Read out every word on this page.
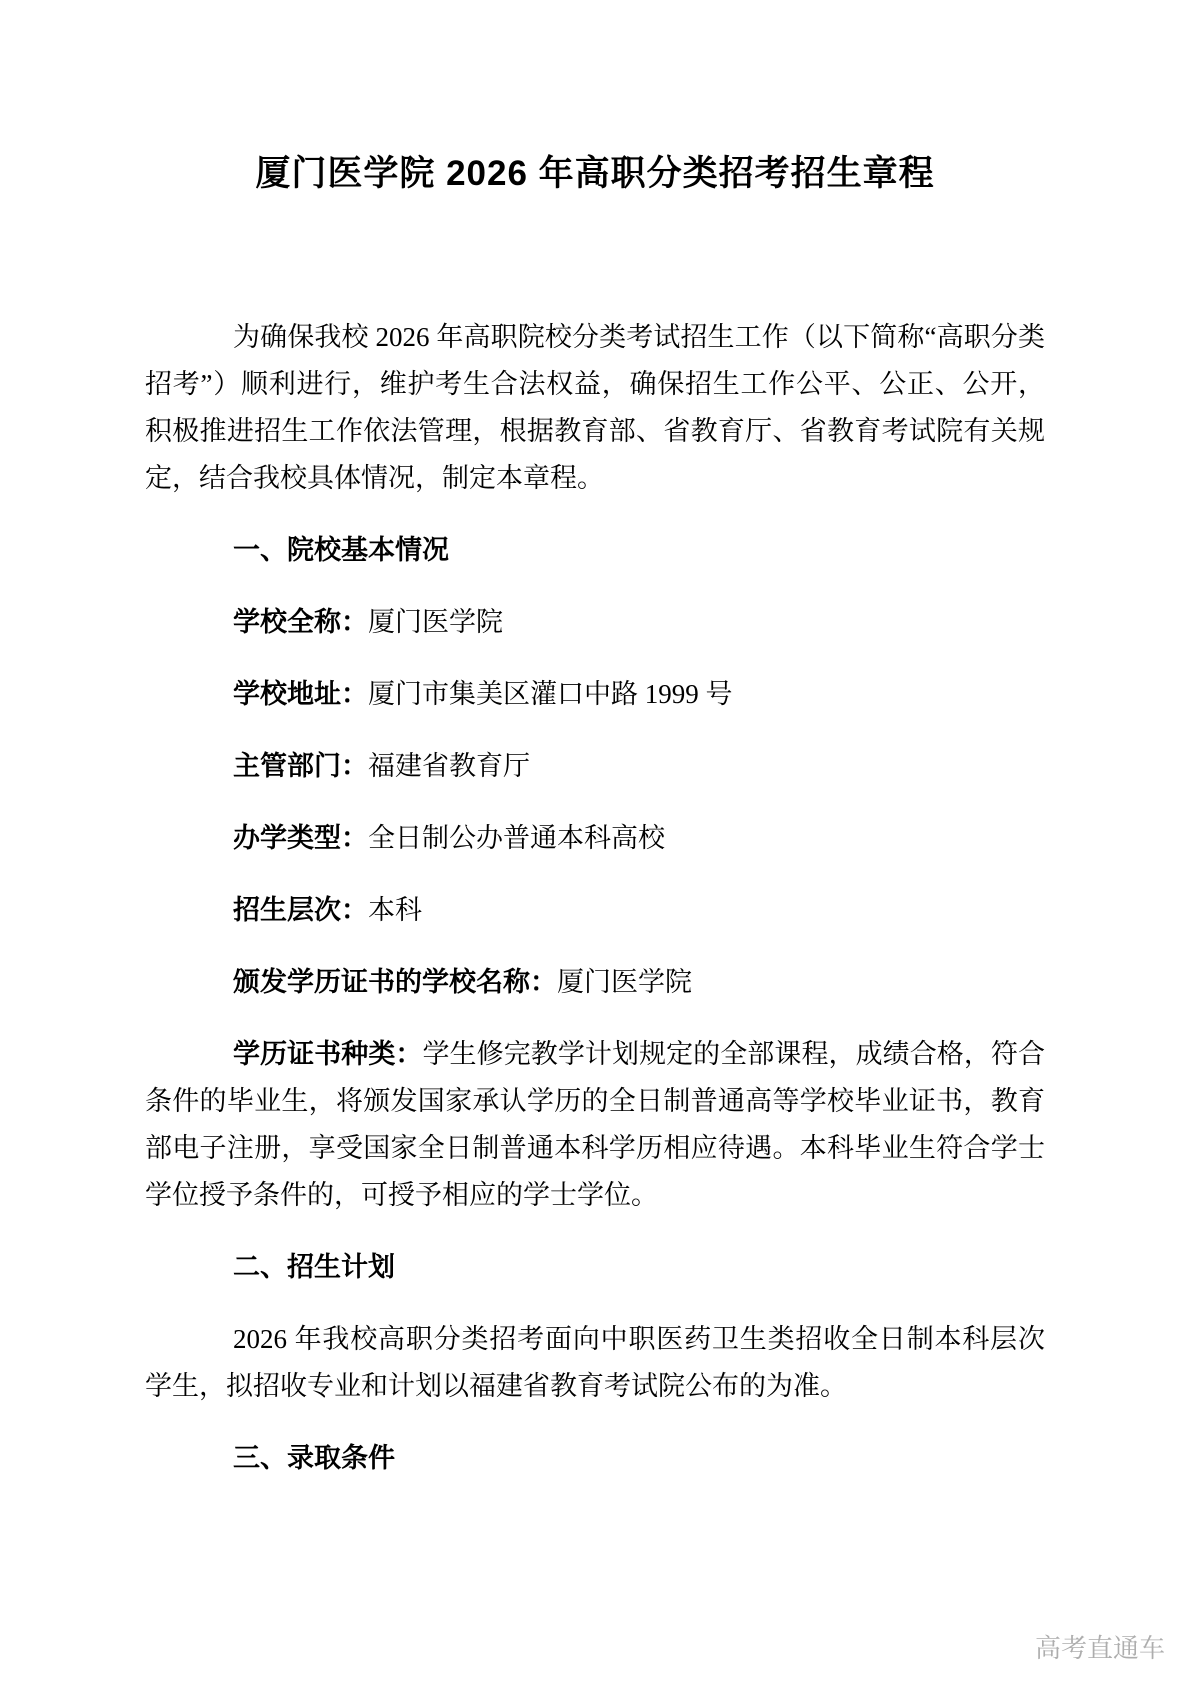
厦门医学院 2026 年高职分类招考招生章程

为确保我校 2026 年高职院校分类考试招生工作（以下简称“高职分类招考”）顺利进行，维护考生合法权益，确保招生工作公平、公正、公开，积极推进招生工作依法管理，根据教育部、省教育厅、省教育考试院有关规定，结合我校具体情况，制定本章程。

一、院校基本情况
学校全称：厦门医学院
学校地址：厦门市集美区灌口中路 1999 号
主管部门：福建省教育厅
办学类型：全日制公办普通本科高校
招生层次：本科
颁发学历证书的学校名称：厦门医学院

学历证书种类：学生修完教学计划规定的全部课程，成绩合格，符合条件的毕业生，将颁发国家承认学历的全日制普通高等学校毕业证书，教育部电子注册，享受国家全日制普通本科学历相应待遇。本科毕业生符合学士学位授予条件的，可授予相应的学士学位。

二、招生计划

2026 年我校高职分类招考面向中职医药卫生类招收全日制本科层次学生，拟招收专业和计划以福建省教育考试院公布的为准。

三、录取条件
高考直通车
